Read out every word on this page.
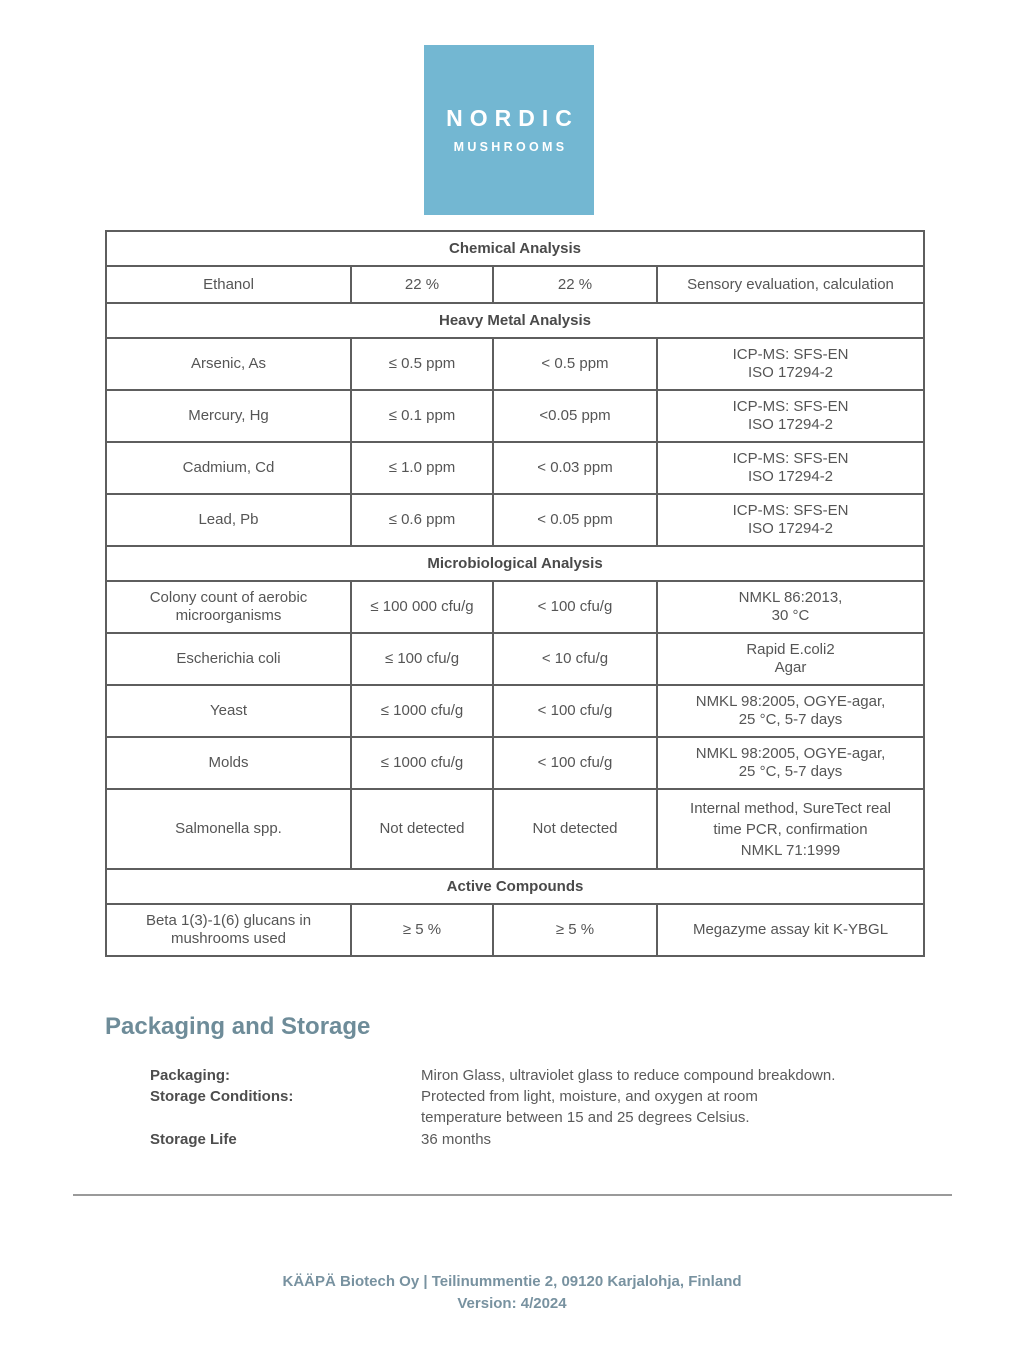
NORDIC
MUSHROOMS
Chemical Analysis			
Ethanol	22 %	22 %	Sensory evaluation, calculation
Heavy Metal Analysis			
Arsenic, As	≤ 0.5 ppm	< 0.5 ppm	ICP-MS: SFS-EN
ISO 17294-2
Mercury, Hg	≤ 0.1 ppm	<0.05 ppm	ICP-MS: SFS-EN
ISO 17294-2
Cadmium, Cd	≤ 1.0 ppm	< 0.03 ppm	ICP-MS: SFS-EN
ISO 17294-2
Lead, Pb	≤ 0.6 ppm	< 0.05 ppm	ICP-MS: SFS-EN
ISO 17294-2
Microbiological Analysis			
Colony count of aerobic microorganisms	≤ 100 000 cfu/g	< 100 cfu/g	NMKL 86:2013,
30 °C
Escherichia coli	≤ 100 cfu/g	< 10 cfu/g	Rapid E.coli2
Agar
Yeast	≤ 1000 cfu/g	< 100 cfu/g	NMKL 98:2005, OGYE-agar,
25 °C, 5-7 days
Molds	≤ 1000 cfu/g	< 100 cfu/g	NMKL 98:2005, OGYE-agar,
25 °C, 5-7 days
Salmonella spp.	Not detected	Not detected	Internal method, SureTect real
time PCR, confirmation
NMKL 71:1999
Active Compounds			
Beta 1(3)-1(6) glucans in mushrooms used	≥ 5 %	≥ 5 %	Megazyme assay kit K-YBGL
Packaging and Storage
Packaging:	Miron Glass, ultraviolet glass to reduce compound breakdown.
Storage Conditions:	Protected from light, moisture, and oxygen at room temperature between 15 and 25 degrees Celsius.
Storage Life	36 months
KÄÄPÄ Biotech Oy | Teilinummentie 2, 09120 Karjalohja, Finland
Version: 4/2024
